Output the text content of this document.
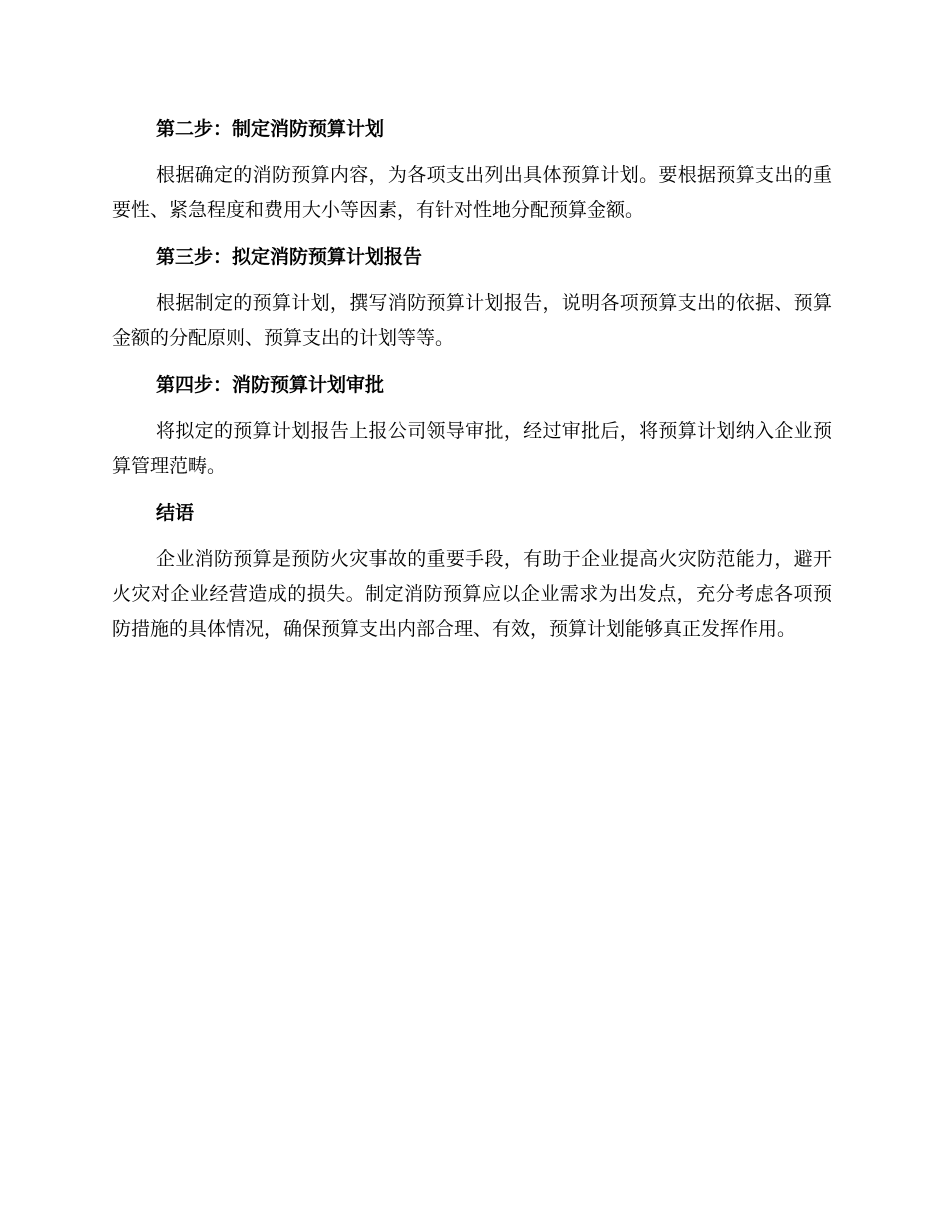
第二步：制定消防预算计划

根据确定的消防预算内容，为各项支出列出具体预算计划。要根据预算支出的重要性、紧急程度和费用大小等因素，有针对性地分配预算金额。

第三步：拟定消防预算计划报告

根据制定的预算计划，撰写消防预算计划报告，说明各项预算支出的依据、预算金额的分配原则、预算支出的计划等等。

第四步：消防预算计划审批

将拟定的预算计划报告上报公司领导审批，经过审批后，将预算计划纳入企业预算管理范畴。

结语

企业消防预算是预防火灾事故的重要手段，有助于企业提高火灾防范能力，避开火灾对企业经营造成的损失。制定消防预算应以企业需求为出发点，充分考虑各项预防措施的具体情况，确保预算支出内部合理、有效，预算计划能够真正发挥作用。
